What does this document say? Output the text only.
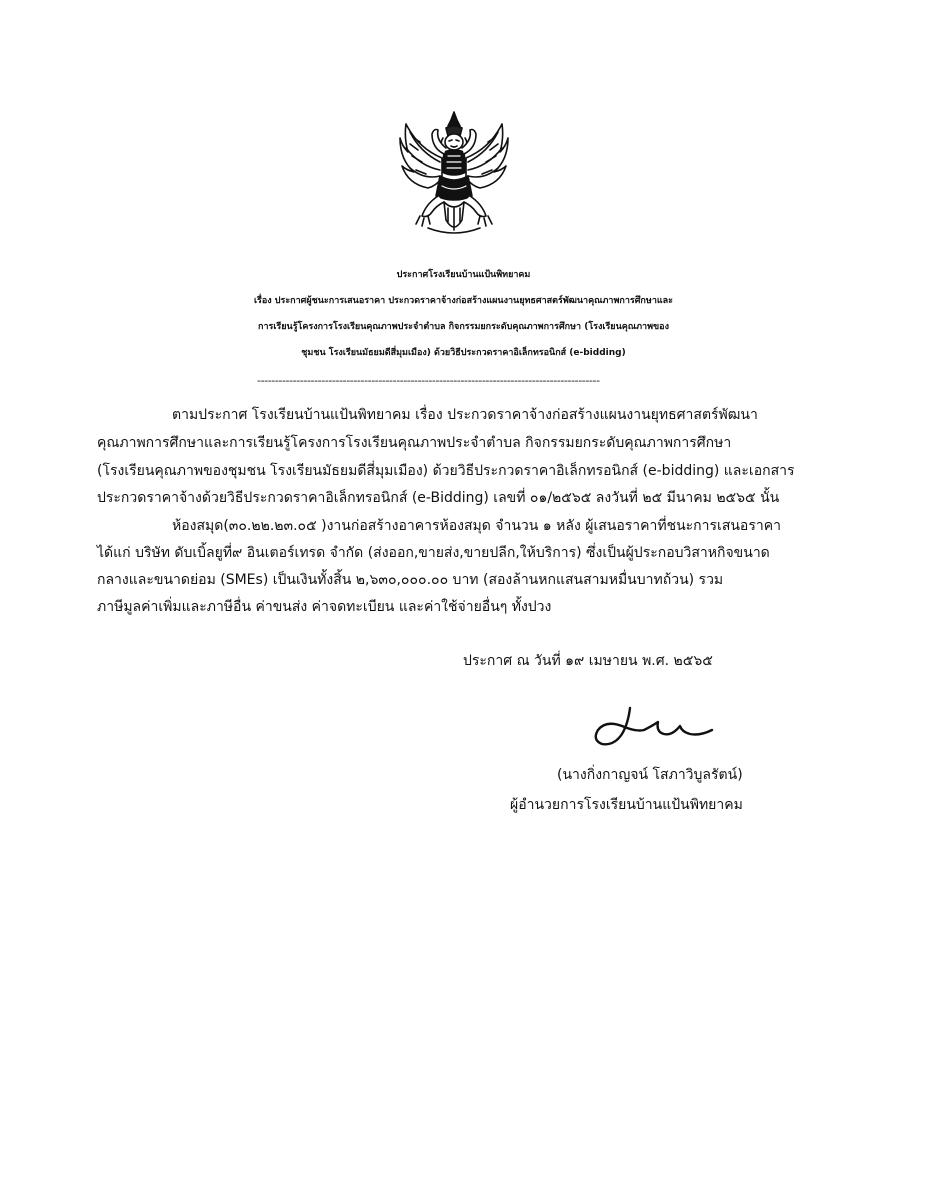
ประกาศโรงเรียนบ้านแป้นพิทยาคม
เรื่อง ประกาศผู้ชนะการเสนอราคา ประกวดราคาจ้างก่อสร้างแผนงานยุทธศาสตร์พัฒนาคุณภาพการศึกษาและ
การเรียนรู้โครงการโรงเรียนคุณภาพประจำตำบล กิจกรรมยกระดับคุณภาพการศึกษา (โรงเรียนคุณภาพของ
ชุมชน โรงเรียนมัธยมดีสี่มุมเมือง) ด้วยวิธีประกวดราคาอิเล็กทรอนิกส์ (e-bidding)
------------------------------------------------------------------------------------------------
ตามประกาศ โรงเรียนบ้านแป้นพิทยาคม เรื่อง ประกวดราคาจ้างก่อสร้างแผนงานยุทธศาสตร์พัฒนา
คุณภาพการศึกษาและการเรียนรู้โครงการโรงเรียนคุณภาพประจำตำบล กิจกรรมยกระดับคุณภาพการศึกษา
(โรงเรียนคุณภาพของชุมชน โรงเรียนมัธยมดีสี่มุมเมือง) ด้วยวิธีประกวดราคาอิเล็กทรอนิกส์ (e-bidding) และเอกสาร
ประกวดราคาจ้างด้วยวิธีประกวดราคาอิเล็กทรอนิกส์ (e-Bidding) เลขที่ ๐๑/๒๕๖๕ ลงวันที่ ๒๕ มีนาคม ๒๕๖๕ นั้น
ห้องสมุด(๓๐.๒๒.๒๓.๐๕ )งานก่อสร้างอาคารห้องสมุด จำนวน ๑ หลัง ผู้เสนอราคาที่ชนะการเสนอราคา
ได้แก่ บริษัท ดับเบิ้ลยูที่๙ อินเตอร์เทรด จำกัด (ส่งออก,ขายส่ง,ขายปลีก,ให้บริการ) ซึ่งเป็นผู้ประกอบวิสาหกิจขนาด
กลางและขนาดย่อม (SMEs) เป็นเงินทั้งสิ้น ๒,๖๓๐,๐๐๐.๐๐ บาท (สองล้านหกแสนสามหมื่นบาทถ้วน) รวม
ภาษีมูลค่าเพิ่มและภาษีอื่น ค่าขนส่ง ค่าจดทะเบียน และค่าใช้จ่ายอื่นๆ ทั้งปวง
ประกาศ ณ วันที่ ๑๙ เมษายน พ.ศ. ๒๕๖๕
(นางกิ่งกาญจน์ โสภาวิบูลรัตน์)
ผู้อำนวยการโรงเรียนบ้านแป้นพิทยาคม
